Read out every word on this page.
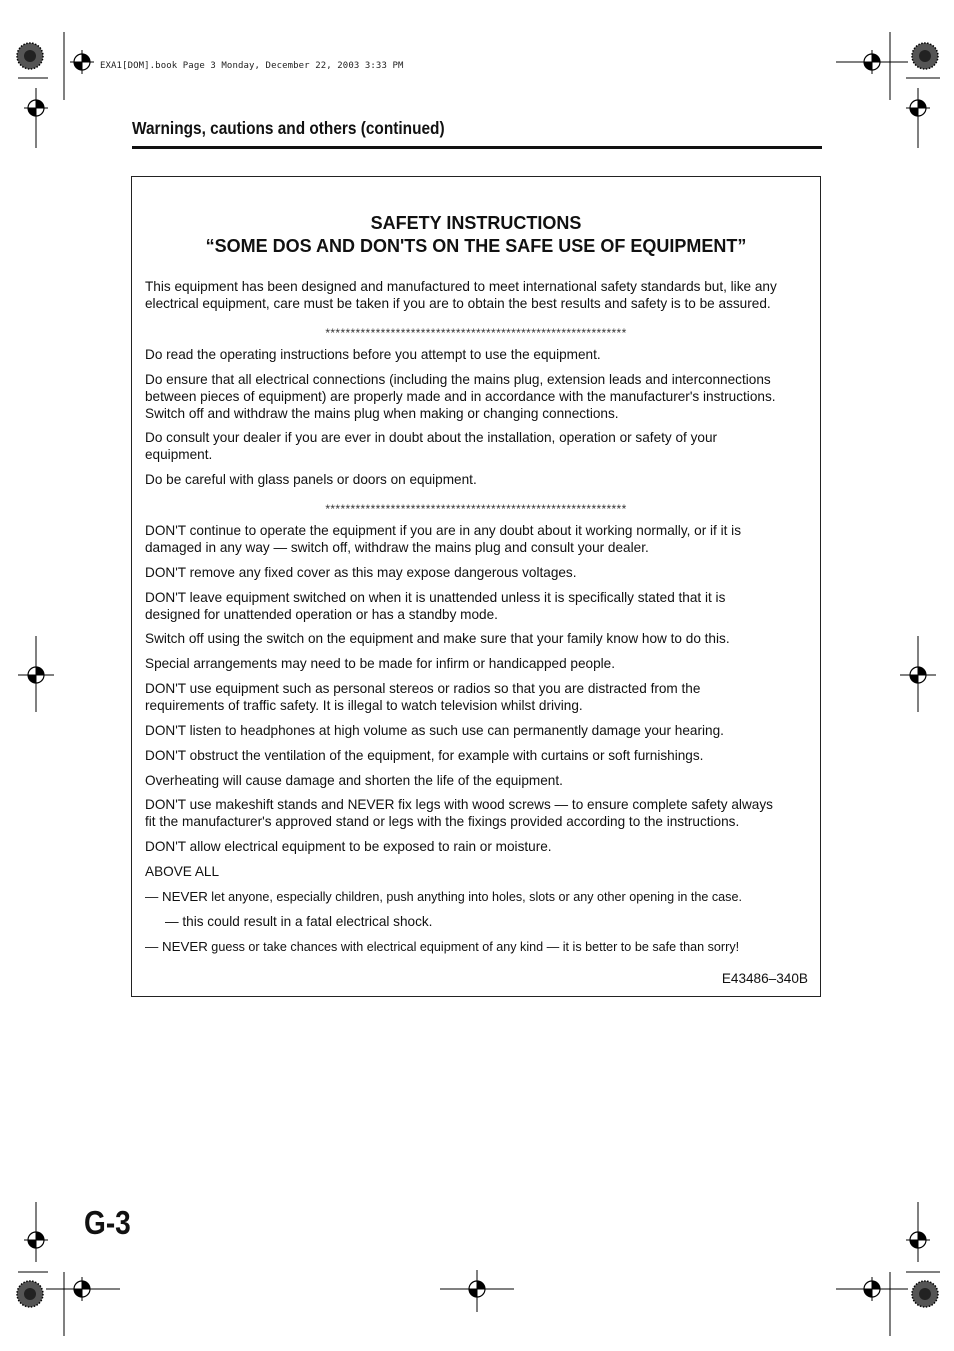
EXA1[DOM].book Page 3 Monday, December 22, 2003 3:33 PM
Warnings, cautions and others (continued)
SAFETY INSTRUCTIONS
“SOME DOS AND DON'TS ON THE SAFE USE OF EQUIPMENT”
This equipment has been designed and manufactured to meet international safety standards but, like any
electrical equipment, care must be taken if you are to obtain the best results and safety is to be assured.
************************************************************
Do read the operating instructions before you attempt to use the equipment.
Do ensure that all electrical connections (including the mains plug, extension leads and interconnections
between pieces of equipment) are properly made and in accordance with the manufacturer's instructions.
Switch off and withdraw the mains plug when making or changing connections.
Do consult your dealer if you are ever in doubt about the installation, operation or safety of your
equipment.
Do be careful with glass panels or doors on equipment.
************************************************************
DON'T continue to operate the equipment if you are in any doubt about it working normally, or if it is
damaged in any way — switch off, withdraw the mains plug and consult your dealer.
DON'T remove any fixed cover as this may expose dangerous voltages.
DON'T leave equipment switched on when it is unattended unless it is specifically stated that it is
designed for unattended operation or has a standby mode.
Switch off using the switch on the equipment and make sure that your family know how to do this.
Special arrangements may need to be made for infirm or handicapped people.
DON'T use equipment such as personal stereos or radios so that you are distracted from the
requirements of traffic safety. It is illegal to watch television whilst driving.
DON'T listen to headphones at high volume as such use can permanently damage your hearing.
DON'T obstruct the ventilation of the equipment, for example with curtains or soft furnishings.
Overheating will cause damage and shorten the life of the equipment.
DON'T use makeshift stands and NEVER fix legs with wood screws — to ensure complete safety always
fit the manufacturer's approved stand or legs with the fixings provided according to the instructions.
DON'T allow electrical equipment to be exposed to rain or moisture.
ABOVE ALL
— NEVER let anyone, especially children, push anything into holes, slots or any other opening in the case.
— this could result in a fatal electrical shock.
— NEVER guess or take chances with electrical equipment of any kind — it is better to be safe than sorry!
E43486–340B
G-3
